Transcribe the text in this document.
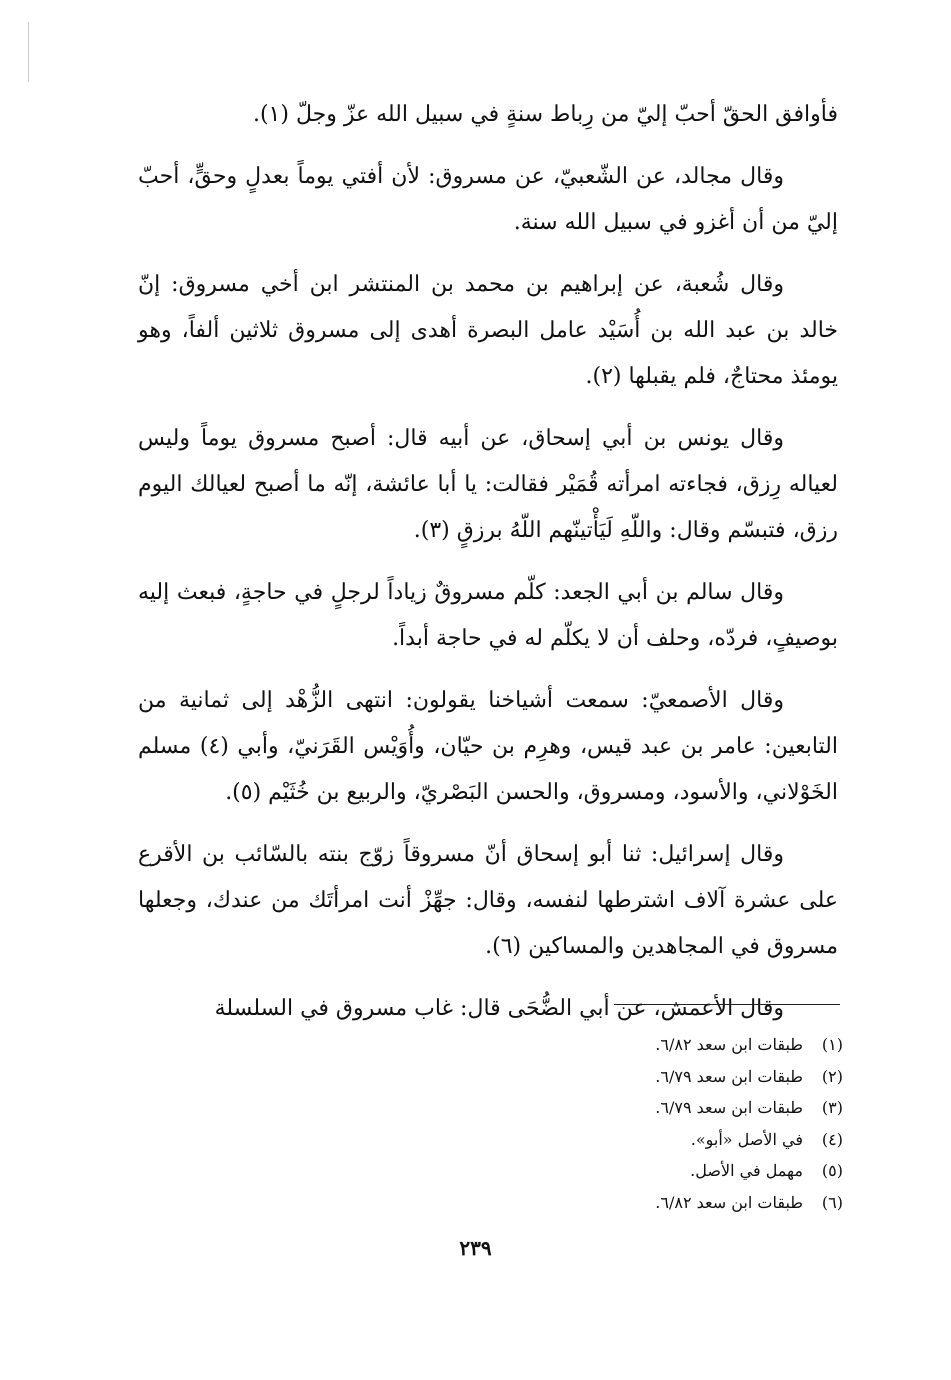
فأوافق الحقّ أحبّ إليّ من رِباط سنةٍ في سبيل الله عزّ وجلّ (١).

وقال مجالد، عن الشّعبيّ، عن مسروق: لأن أفتي يوماً بعدلٍ وحقٍّ، أحبّ إليّ من أن أغزو في سبيل الله سنة.

وقال شُعبة، عن إبراهيم بن محمد بن المنتشر ابن أخي مسروق: إنّ خالد بن عبد الله بن أُسَيْد عامل البصرة أهدى إلى مسروق ثلاثين ألفاً، وهو يومئذ محتاجٌ، فلم يقبلها (٢).

وقال يونس بن أبي إسحاق، عن أبيه قال: أصبح مسروق يوماً وليس لعياله رِزق، فجاءته امرأته قُمَيْر فقالت: يا أبا عائشة، إنّه ما أصبح لعيالك اليوم رزق، فتبسّم وقال: واللّهِ لَيَأْتينّهم اللّهُ برزقٍ (٣).

وقال سالم بن أبي الجعد: كلّم مسروقٌ زياداً لرجلٍ في حاجةٍ، فبعث إليه بوصيفٍ، فردّه، وحلف أن لا يكلّم له في حاجة أبداً.

وقال الأصمعيّ: سمعت أشياخنا يقولون: انتهى الزُّهْد إلى ثمانية من التابعين: عامر بن عبد قيس، وهرِم بن حيّان، وأُوَيْس القَرَنيّ، وأبي (٤) مسلم الخَوْلاني، والأسود، ومسروق، والحسن البَصْريّ، والربيع بن خُثَيْم (٥).

وقال إسرائيل: ثنا أبو إسحاق أنّ مسروقاً زوّج بنته بالسّائب بن الأقرع على عشرة آلاف اشترطها لنفسه، وقال: جهِّزْ أنت امرأتَك من عندك، وجعلها مسروق في المجاهدين والمساكين (٦).

وقال الأعمش، عن أبي الضُّحَى قال: غاب مسروق في السلسلة

(١)
طبقات ابن سعد ٦/٨٢.
(٢)
طبقات ابن سعد ٦/٧٩.
(٣)
طبقات ابن سعد ٦/٧٩.
(٤)
في الأصل «أبو».
(٥)
مهمل في الأصل.
(٦)
طبقات ابن سعد ٦/٨٢.
٢٣٩
